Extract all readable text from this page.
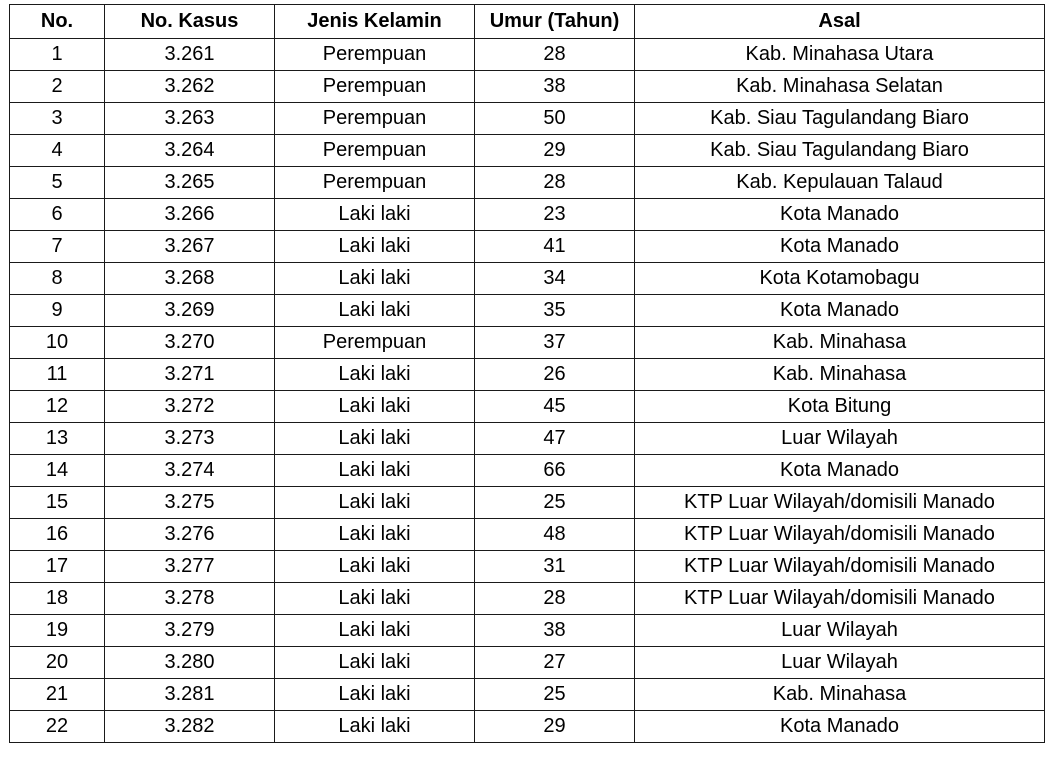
No.	No. Kasus	Jenis Kelamin	Umur (Tahun)	Asal
1	3.261	Perempuan	28	Kab. Minahasa Utara
2	3.262	Perempuan	38	Kab. Minahasa Selatan
3	3.263	Perempuan	50	Kab. Siau Tagulandang Biaro
4	3.264	Perempuan	29	Kab. Siau Tagulandang Biaro
5	3.265	Perempuan	28	Kab. Kepulauan Talaud
6	3.266	Laki laki	23	Kota Manado
7	3.267	Laki laki	41	Kota Manado
8	3.268	Laki laki	34	Kota Kotamobagu
9	3.269	Laki laki	35	Kota Manado
10	3.270	Perempuan	37	Kab. Minahasa
11	3.271	Laki laki	26	Kab. Minahasa
12	3.272	Laki laki	45	Kota Bitung
13	3.273	Laki laki	47	Luar Wilayah
14	3.274	Laki laki	66	Kota Manado
15	3.275	Laki laki	25	KTP Luar Wilayah/domisili Manado
16	3.276	Laki laki	48	KTP Luar Wilayah/domisili Manado
17	3.277	Laki laki	31	KTP Luar Wilayah/domisili Manado
18	3.278	Laki laki	28	KTP Luar Wilayah/domisili Manado
19	3.279	Laki laki	38	Luar Wilayah
20	3.280	Laki laki	27	Luar Wilayah
21	3.281	Laki laki	25	Kab. Minahasa
22	3.282	Laki laki	29	Kota Manado
